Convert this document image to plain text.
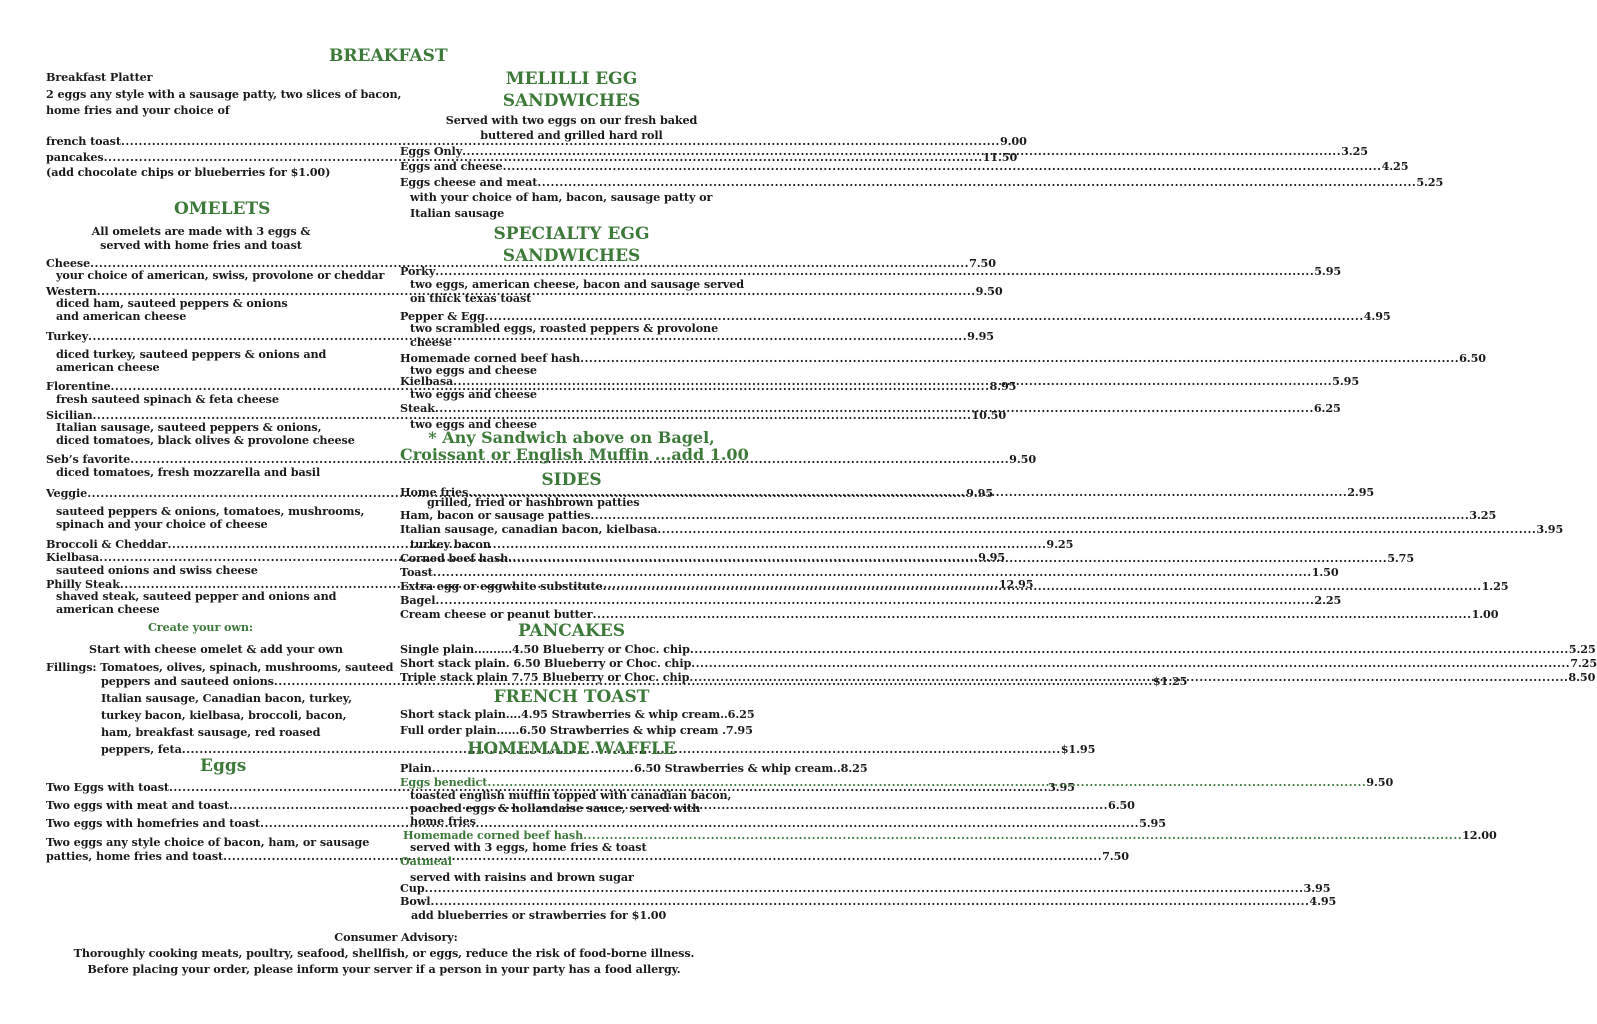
BREAKFAST
Breakfast Platter
2 eggs any style with a sausage patty, two slices of bacon,
home fries and your choice of
french toast .....	9.00
pancakes .....	11.50
(add chocolate chips or blueberries for $1.00)
OMELETS
All omelets are made with 3 eggs &
served with home fries and toast
Cheese .....	7.50
your choice of american, swiss, provolone or cheddar
Western .....	9.50
diced ham, sauteed peppers & onions
and american cheese
Turkey .....	9.95
diced turkey, sauteed peppers & onions and
american cheese
Florentine .....	8.95
fresh sauteed spinach & feta cheese
Sicilian .....	10.50
Italian sausage, sauteed peppers & onions,
diced tomatoes, black olives & provolone cheese
Seb’s favorite .....	9.50
diced tomatoes, fresh mozzarella and basil
Veggie .....	9.95
sauteed peppers & onions, tomatoes, mushrooms,
spinach and your choice of cheese
Broccoli & Cheddar .....	9.25
Kielbasa .....	9.95
sauteed onions and swiss cheese
Philly Steak .....	12.95
shaved steak, sauteed pepper and onions and
american cheese
Create your own:
Start with cheese omelet & add your own
Fillings: Tomatoes, olives, spinach, mushrooms, sauteed
peppers and sauteed onions .....	$1.25
Italian sausage, Canadian bacon, turkey,
turkey bacon, kielbasa, broccoli, bacon,
ham, breakfast sausage, red roased
peppers, feta .....	$1.95
Eggs
Two Eggs with toast .....	3.95
Two eggs with meat and toast .....	6.50
Two eggs with homefries and toast .....	5.95
Two eggs any style choice of bacon, ham, or sausage
patties, home fries and toast .....	7.50
MELILLI EGG
SANDWICHES
Served with two eggs on our fresh baked
buttered and grilled hard roll
Eggs Only .....	3.25
Eggs and cheese .....	4.25
Eggs cheese and meat .....	5.25
with your choice of ham, bacon, sausage patty or
Italian sausage
SPECIALTY EGG
SANDWICHES
Porky .....	5.95
two eggs, american cheese, bacon and sausage served
on thick texas toast
Pepper & Egg .....	4.95
two scrambled eggs, roasted peppers & provolone
cheese
Homemade corned beef hash .....	6.50
two eggs and cheese
Kielbasa .....	5.95
two eggs and cheese
Steak .....	6.25
two eggs and cheese
* Any Sandwich above on Bagel,
Croissant or English Muffin ...add 1.00
SIDES
Home fries .....	2.95
grilled, fried or hashbrown patties
Ham, bacon or sausage patties .....	3.25
Italian sausage, canadian bacon, kielbasa .....	3.95
turkey bacon
Corned beef hash .....	5.75
Toast .....	1.50
Extra egg or eggwhite substitute .....	1.25
Bagel .....	2.25
Cream cheese or peanut butter .....	1.00
PANCAKES
Single plain..........4.50 Blueberry or Choc. chip .....	5.25
Short stack plain. 6.50 Blueberry or Choc. chip .....	7.25
Triple stack plain 7.75 Blueberry or Choc. chip .....	8.50
FRENCH TOAST
Short stack plain....4.95 Strawberries & whip cream..6.25
Full order plain......6.50 Strawberries & whip cream .7.95
HOMEMADE WAFFLE
Plain .............................................. 6.50 Strawberries & whip cream..8.25
Eggs benedict .....	9.50
toasted english muffin topped with canadian bacon,
poached eggs & hollandaise sauce, served with
home fries
Homemade corned beef hash .....	12.00
served with 3 eggs, home fries & toast
Oatmeal
served with raisins and brown sugar
Cup .....	3.95
Bowl .....	4.95
add blueberries or strawberries for $1.00
Consumer Advisory:
Thoroughly cooking meats, poultry, seafood, shellfish, or eggs, reduce the risk of food-borne illness.
Before placing your order, please inform your server if a person in your party has a food allergy.
